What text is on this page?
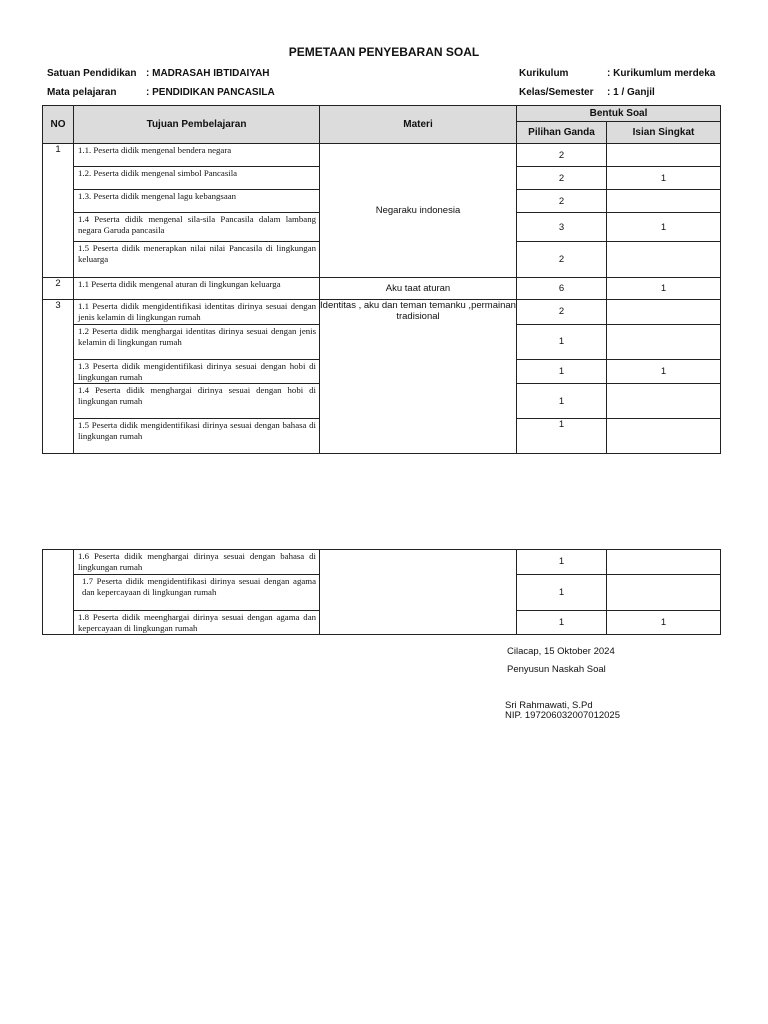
PEMETAAN PENYEBARAN SOAL
Satuan Pendidikan : MADRASAH IBTIDAIYAH
Mata pelajaran	: PENDIDIKAN PANCASILA
Kurikulum	: Kurikumlum merdeka
Kelas/Semester : 1 / Ganjil
NO	Tujuan Pembelajaran	Materi	Bentuk Soal	
			Pilihan Ganda	Isian Singkat
1	1.1. Peserta didik mengenal bendera negara	Negaraku indonesia	2	
	1.2. Peserta didik mengenal simbol Pancasila		2	1
	1.3. Peserta didik mengenal lagu kebangsaan		2	
	1.4 Peserta didik mengenal sila-sila Pancasila dalam lambang negara Garuda pancasila		3	1
	1.5 Peserta didik menerapkan nilai nilai Pancasila di lingkungan keluarga		2	
2	1.1 Peserta didik mengenal aturan di lingkungan keluarga	Aku taat aturan	6	1
3	1.1 Peserta didik mengidentifikasi identitas dirinya sesuai dengan jenis kelamin di lingkungan rumah	Identitas , aku dan teman temanku ,permainan tradisional	2	
	1.2 Peserta didik menghargai identitas dirinya sesuai dengan jenis kelamin di lingkungan rumah		1	
	1.3 Peserta didik mengidentifikasi dirinya sesuai dengan hobi di lingkungan rumah		1	1
	1.4 Peserta didik menghargai dirinya sesuai dengan hobi di lingkungan rumah		1	
	1.5 Peserta didik mengidentifikasi dirinya sesuai dengan bahasa di lingkungan rumah		1	
	1.6 Peserta didik menghargai dirinya sesuai dengan bahasa di lingkungan rumah		1	
	1.7 Peserta didik mengidentifikasi dirinya sesuai dengan agama dan kepercayaan di lingkungan rumah		1	
	1.8 Peserta didik meenghargai dirinya sesuai dengan agama dan kepercayaan di lingkungan rumah		1	1
Cilacap, 15 Oktober 2024
Penyusun Naskah Soal
Sri Rahmawati, S.Pd
NIP. 197206032007012025
